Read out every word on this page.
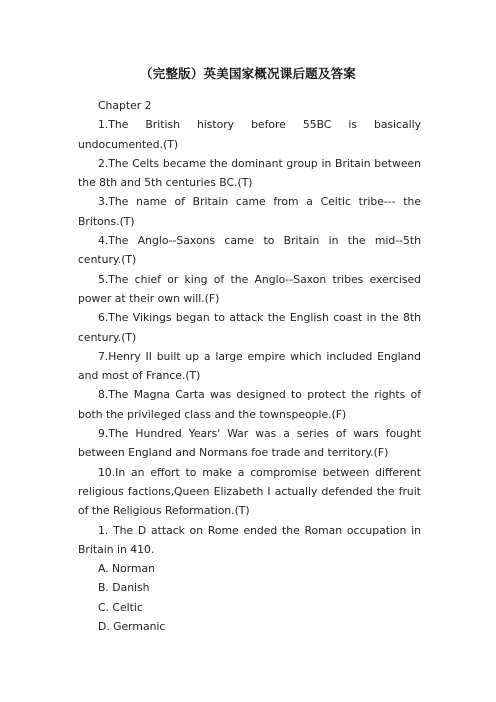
（完整版）英美国家概况课后题及答案

Chapter 2

1.The British history before 55BC is basically undocumented.(T)

2.The Celts became the dominant group in Britain between the 8th and 5th centuries BC.(T)

3.The name of Britain came from a Celtic tribe--- the Britons.(T)

4.The Anglo--Saxons came to Britain in the mid--5th century.(T)

5.The chief or king of the Anglo--Saxon tribes exercised power at their own will.(F)

6.The Vikings began to attack the English coast in the 8th century.(T)

7.Henry II built up a large empire which included England and most of France.(T)

8.The Magna Carta was designed to protect the rights of both the privileged class and the townspeople.(F)

9.The Hundred Years' War was a series of wars fought between England and Normans foe trade and territory.(F)

10.In an effort to make a compromise between different religious factions,Queen Elizabeth I actually defended the fruit of the Religious Reformation.(T)

1. The D attack on Rome ended the Roman occupation in Britain in 410.

A. Norman

B. Danish

C. Celtic

D. Germanic
